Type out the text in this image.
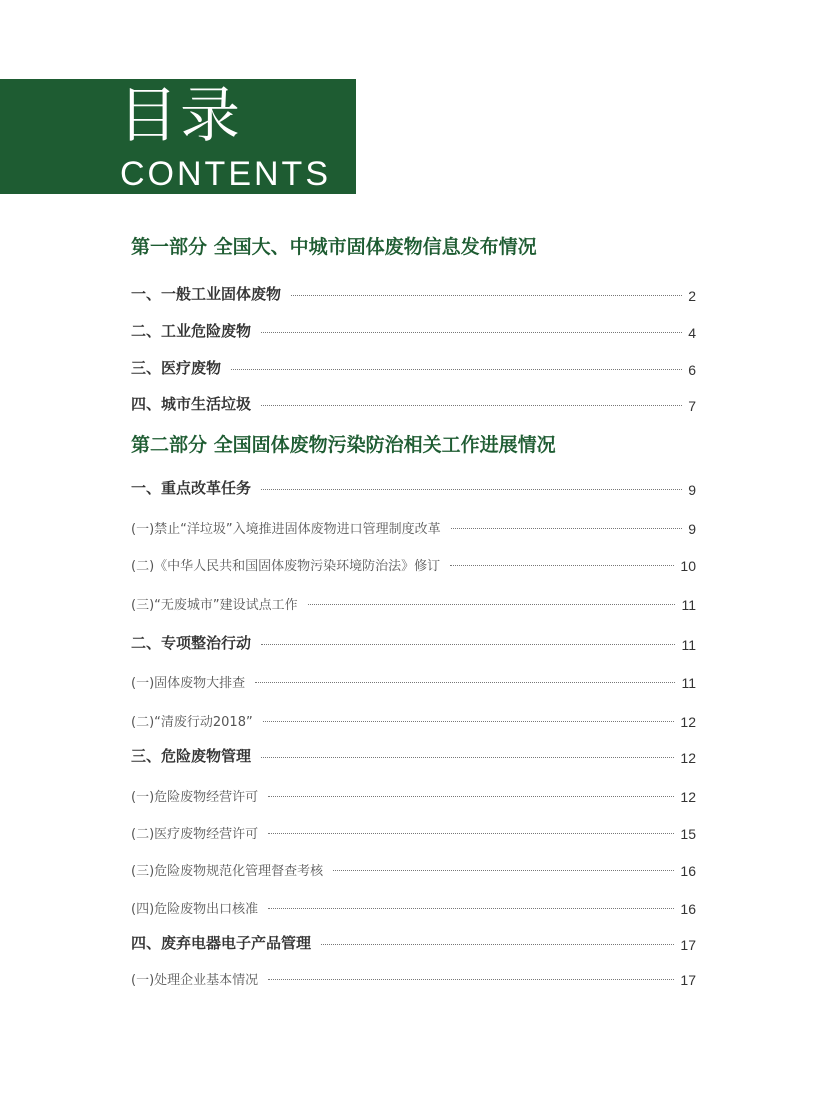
目录
CONTENTS
第一部分 全国大、中城市固体废物信息发布情况
一、一般工业固体废物	2
二、工业危险废物	4
三、医疗废物	6
四、城市生活垃圾	7
第二部分 全国固体废物污染防治相关工作进展情况
一、重点改革任务	9
(一)禁止“洋垃圾”入境推进固体废物进口管理制度改革	9
(二)《中华人民共和国固体废物污染环境防治法》修订	10
(三)“无废城市”建设试点工作	11
二、专项整治行动	11
(一)固体废物大排查	11
(二)“清废行动2018”	12
三、危险废物管理	12
(一)危险废物经营许可	12
(二)医疗废物经营许可	15
(三)危险废物规范化管理督查考核	16
(四)危险废物出口核准	16
四、废弃电器电子产品管理	17
(一)处理企业基本情况	17
